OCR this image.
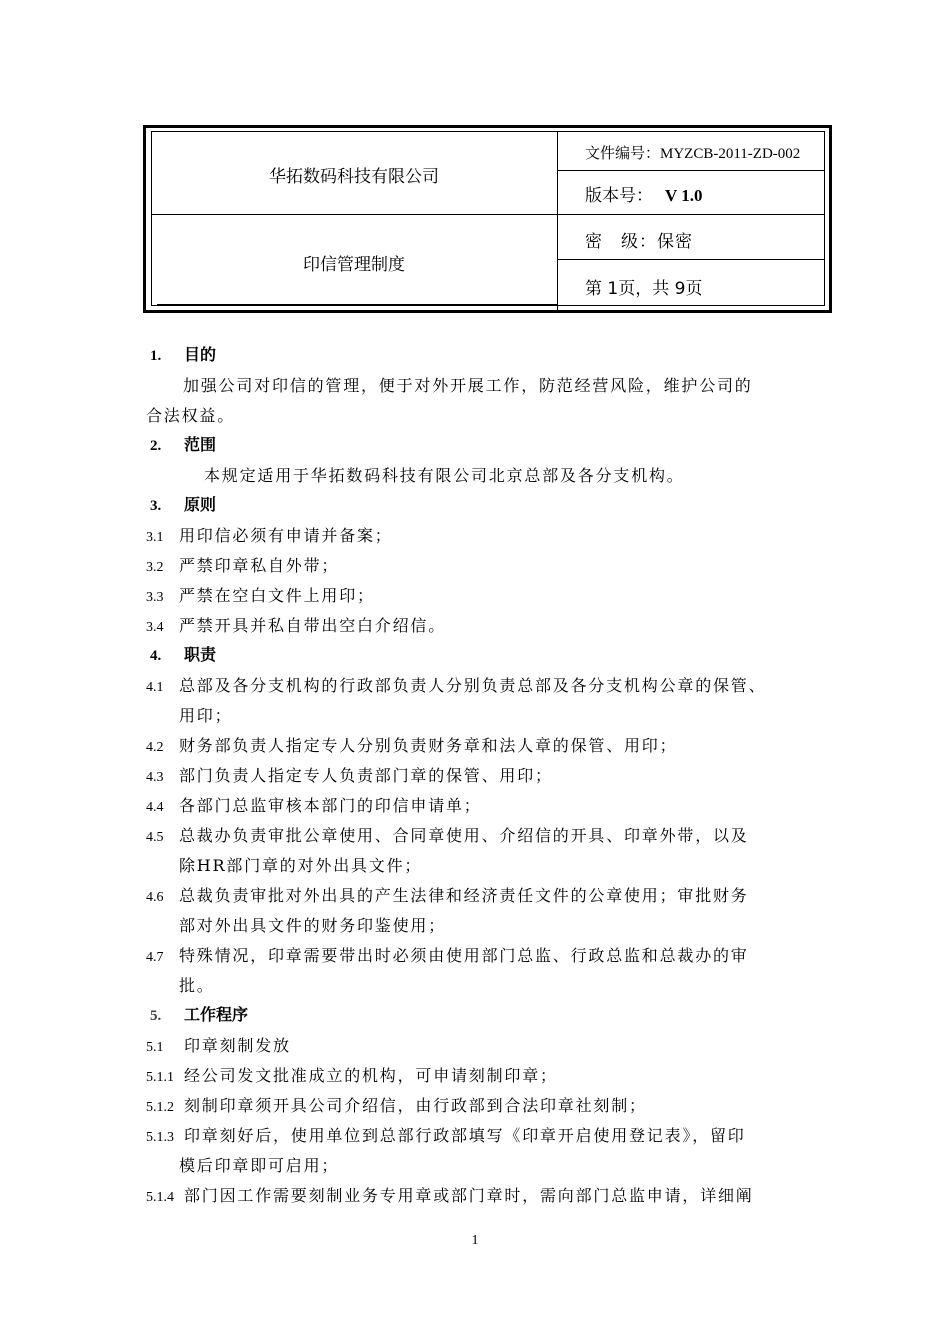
华拓数码科技有限公司
印信管理制度
文件编号：MYZCB-2011-ZD-002
版本号： V 1.0
密　级：保密
第 1页，共 9页
1. 目的
加强公司对印信的管理，便于对外开展工作，防范经营风险，维护公司的
合法权益。
2. 范围
本规定适用于华拓数码科技有限公司北京总部及各分支机构。
3. 原则
3.1 用印信必须有申请并备案；
3.2 严禁印章私自外带；
3.3 严禁在空白文件上用印；
3.4 严禁开具并私自带出空白介绍信。
4. 职责
4.1 总部及各分支机构的行政部负责人分别负责总部及各分支机构公章的保管、
用印；
4.2 财务部负责人指定专人分别负责财务章和法人章的保管、用印；
4.3 部门负责人指定专人负责部门章的保管、用印；
4.4 各部门总监审核本部门的印信申请单；
4.5 总裁办负责审批公章使用、合同章使用、介绍信的开具、印章外带，以及
除HR部门章的对外出具文件；
4.6 总裁负责审批对外出具的产生法律和经济责任文件的公章使用；审批财务
部对外出具文件的财务印鉴使用；
4.7 特殊情况，印章需要带出时必须由使用部门总监、行政总监和总裁办的审
批。
5. 工作程序
5.1 印章刻制发放
5.1.1 经公司发文批准成立的机构，可申请刻制印章；
5.1.2 刻制印章须开具公司介绍信，由行政部到合法印章社刻制；
5.1.3 印章刻好后，使用单位到总部行政部填写《印章开启使用登记表》，留印
模后印章即可启用；
5.1.4 部门因工作需要刻制业务专用章或部门章时，需向部门总监申请，详细阐
1
